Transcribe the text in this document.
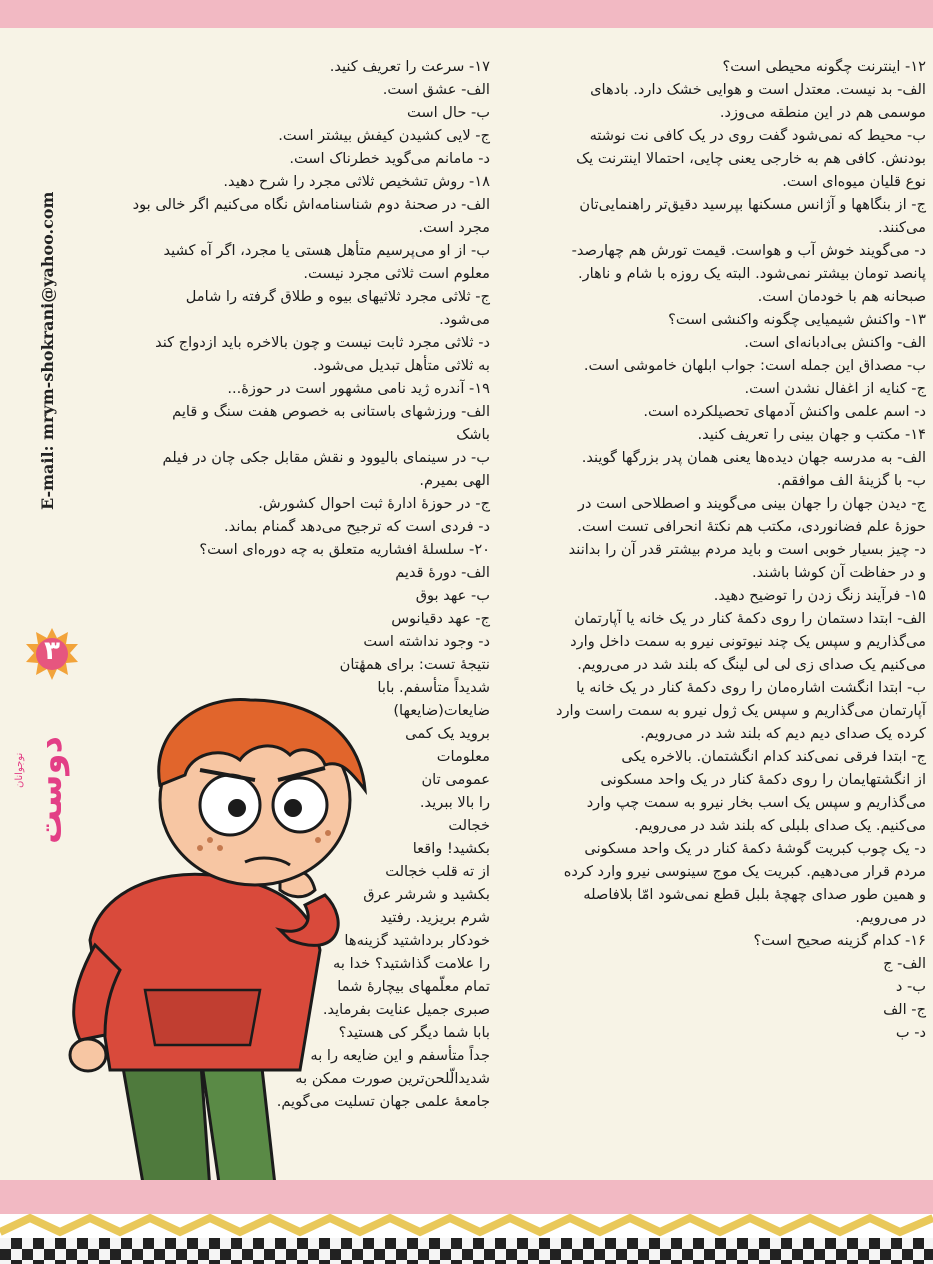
E-mail: mrym-shokrani@yahoo.com
۳
دوست
نوجوانان

۱۲- اینترنت چگونه محیطی است؟

الف- بد نیست. معتدل است و هوایی خشک دارد. بادهای

موسمی هم در این منطقه می‌وزد.

ب- محیط که نمی‌شود گفت روی در یک کافی نت نوشته

بودنش. کافی هم به خارجی یعنی چایی، احتمالا اینترنت یک

نوع قلیان میوه‌ای است.

ج- از بنگاهها و آژانس مسکنها بپرسید دقیق‌تر راهنمایی‌تان

می‌کنند.

د- می‌گویند خوش آب و هواست. قیمت تورش هم چهارصد-

پانصد تومان بیشتر نمی‌شود. البته یک روزه با شام و ناهار.

صبحانه هم با خودمان است.

۱۳- واکنش شیمیایی چگونه واکنشی است؟

الف- واکنش بی‌ادبانه‌ای است.

ب- مصداق این جمله است: جواب ابلهان خاموشی است.

ج- کنایه از اغفال نشدن است.

د- اسم علمی واکنش آدمهای تحصیلکرده است.

۱۴- مکتب و جهان بینی را تعریف کنید.

الف- به مدرسه جهان دیده‌ها یعنی همان پدر بزرگها گویند.

ب- با گزینهٔ الف موافقم.

ج- دیدن جهان را جهان بینی می‌گویند و اصطلاحی است در

حوزهٔ علم فضانوردی، مکتب هم نکتهٔ انحرافی تست است.

د- چیز بسیار خوبی است و باید مردم بیشتر قدر آن را بدانند

و در حفاظت آن کوشا باشند.

۱۵- فرآیند زنگ زدن را توضیح دهید.

الف- ابتدا دستمان را روی دکمهٔ کنار در یک خانه یا آپارتمان

می‌گذاریم و سپس یک چند نیوتونی نیرو به سمت داخل وارد

می‌کنیم یک صدای زی لی لی لینگ که بلند شد در می‌رویم.

ب- ابتدا انگشت اشاره‌مان را روی دکمهٔ کنار در یک خانه یا

آپارتمان می‌گذاریم و سپس یک ژول نیرو به سمت راست وارد

کرده یک صدای دیم دیم که بلند شد در می‌رویم.

ج- ابتدا فرقی نمی‌کند کدام انگشتمان. بالاخره یکی

از انگشتهایمان را روی دکمهٔ کنار در یک واحد مسکونی

می‌گذاریم و سپس یک اسب بخار نیرو به سمت چپ وارد

می‌کنیم. یک صدای بلبلی که بلند شد در می‌رویم.

د- یک چوب کبریت گوشهٔ دکمهٔ کنار در یک واحد مسکونی

مردم قرار می‌دهیم. کبریت یک موج سینوسی نیرو وارد کرده

و همین طور صدای چهچهٔ بلبل قطع نمی‌شود امّا بلافاصله

در می‌رویم.

۱۶- کدام گزینه صحیح است؟

الف- ج

ب- د

ج- الف

د- ب

۱۷- سرعت را تعریف کنید.

الف- عشق است.

ب- حال است

ج- لایی کشیدن کیفش بیشتر است.

د- مامانم می‌گوید خطرناک است.

۱۸- روش تشخیص ثلاثی مجرد را شرح دهید.

الف- در صحنهٔ دوم شناسنامه‌اش نگاه می‌کنیم اگر خالی بود

مجرد است.

ب- از او می‌پرسیم متأهل هستی یا مجرد، اگر آه کشید

معلوم است ثلاثی مجرد نیست.

ج- ثلاثی مجرد ثلاثیهای بیوه و طلاق گرفته را شامل

می‌شود.

د- ثلاثی مجرد ثابت نیست و چون بالاخره باید ازدواج کند

به ثلاثی متأهل تبدیل می‌شود.

۱۹- آندره ژید نامی مشهور است در حوزهٔ...

الف- ورزشهای باستانی به خصوص هفت سنگ و قایم

باشک

ب- در سینمای بالیوود و نقش مقابل جکی چان در فیلم

الهی بمیرم.

ج- در حوزهٔ ادارهٔ ثبت احوال کشورش.

د- فردی است که ترجیح می‌دهد گمنام بماند.

۲۰- سلسلهٔ افشاریه متعلق به چه دوره‌ای است؟

الف- دورهٔ قدیم

ب- عهد بوق

ج- عهد دقیانوس

د- وجود نداشته است

نتیجهٔ تست: برای همهٔتان

شدیداً متأسفم. بابا

ضایعات(ضایعها)

بروید یک کمی

معلومات

عمومی تان

را بالا ببرید.

خجالت

بکشید! واقعا

از ته قلب خجالت

بکشید و شرشر عرق

شرم بریزید. رفتید

خودکار برداشتید گزینه‌ها

را علامت گذاشتید؟ خدا به

تمام معلّمهای بیچارهٔ شما

صبری جمیل عنایت بفرماید.

بابا شما دیگر کی هستید؟

جداً متأسفم و این ضایعه را به

شدیدالّلحن‌ترین صورت ممکن به

جامعهٔ علمی جهان تسلیت می‌گویم.
